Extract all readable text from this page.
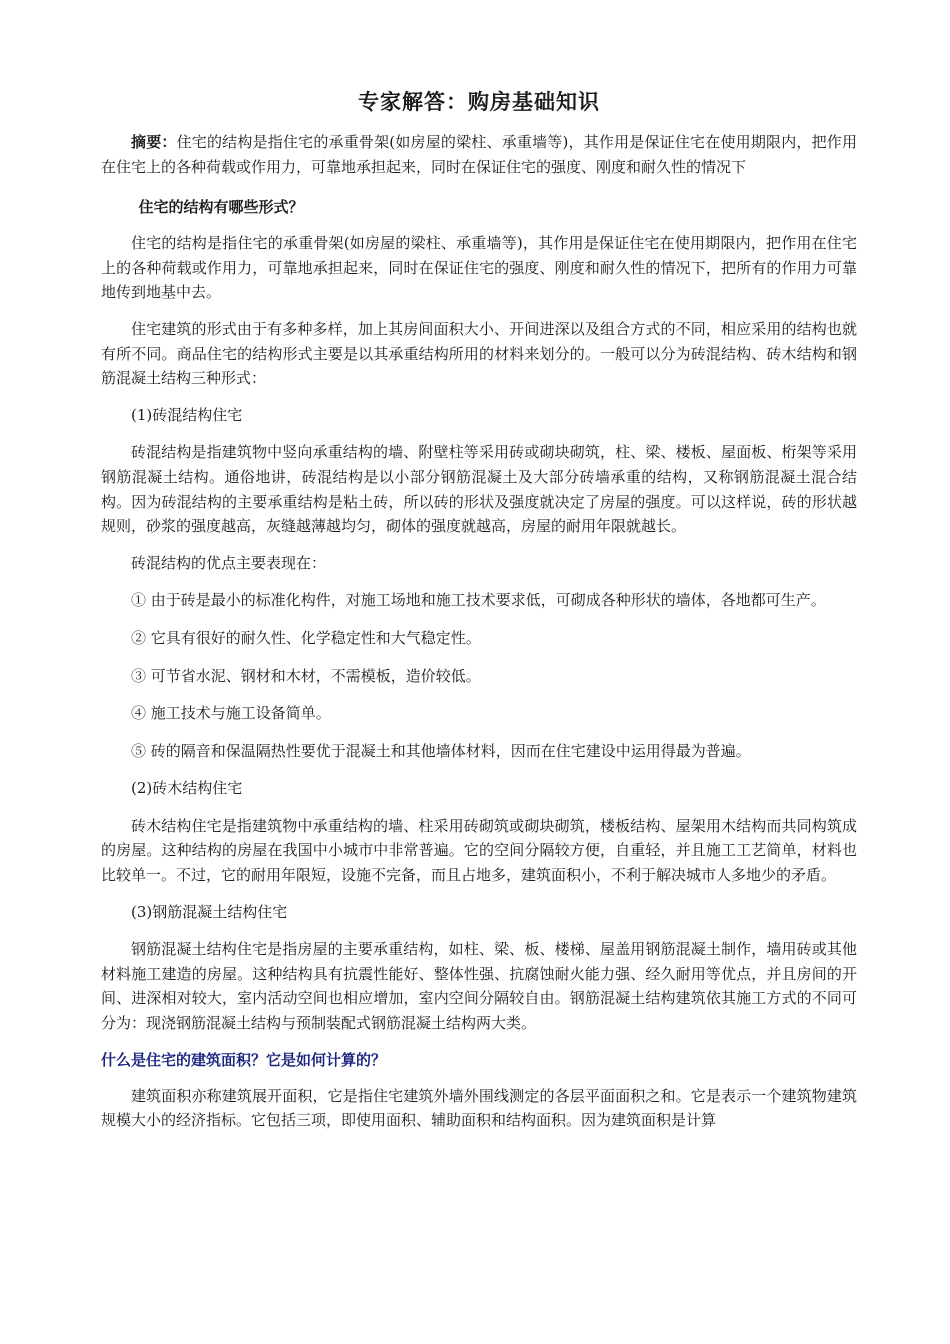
专家解答：购房基础知识

摘要：住宅的结构是指住宅的承重骨架(如房屋的梁柱、承重墙等)，其作用是保证住宅在使用期限内，把作用在住宅上的各种荷载或作用力，可靠地承担起来，同时在保证住宅的强度、刚度和耐久性的情况下

住宅的结构有哪些形式？

住宅的结构是指住宅的承重骨架(如房屋的梁柱、承重墙等)，其作用是保证住宅在使用期限内，把作用在住宅上的各种荷载或作用力，可靠地承担起来，同时在保证住宅的强度、刚度和耐久性的情况下，把所有的作用力可靠地传到地基中去。

住宅建筑的形式由于有多种多样，加上其房间面积大小、开间进深以及组合方式的不同，相应采用的结构也就有所不同。商品住宅的结构形式主要是以其承重结构所用的材料来划分的。一般可以分为砖混结构、砖木结构和钢筋混凝土结构三种形式：

(1)砖混结构住宅

砖混结构是指建筑物中竖向承重结构的墙、附壁柱等采用砖或砌块砌筑，柱、梁、楼板、屋面板、桁架等采用钢筋混凝土结构。通俗地讲，砖混结构是以小部分钢筋混凝土及大部分砖墙承重的结构，又称钢筋混凝土混合结构。因为砖混结构的主要承重结构是粘土砖，所以砖的形状及强度就决定了房屋的强度。可以这样说，砖的形状越规则，砂浆的强度越高，灰缝越薄越均匀，砌体的强度就越高，房屋的耐用年限就越长。

砖混结构的优点主要表现在：

① 由于砖是最小的标准化构件，对施工场地和施工技术要求低，可砌成各种形状的墙体，各地都可生产。

② 它具有很好的耐久性、化学稳定性和大气稳定性。

③ 可节省水泥、钢材和木材，不需模板，造价较低。

④ 施工技术与施工设备简单。

⑤ 砖的隔音和保温隔热性要优于混凝土和其他墙体材料，因而在住宅建设中运用得最为普遍。

(2)砖木结构住宅

砖木结构住宅是指建筑物中承重结构的墙、柱采用砖砌筑或砌块砌筑，楼板结构、屋架用木结构而共同构筑成的房屋。这种结构的房屋在我国中小城市中非常普遍。它的空间分隔较方便，自重轻，并且施工工艺简单，材料也比较单一。不过，它的耐用年限短，设施不完备，而且占地多，建筑面积小，不利于解决城市人多地少的矛盾。

(3)钢筋混凝土结构住宅

钢筋混凝土结构住宅是指房屋的主要承重结构，如柱、梁、板、楼梯、屋盖用钢筋混凝土制作，墙用砖或其他材料施工建造的房屋。这种结构具有抗震性能好、整体性强、抗腐蚀耐火能力强、经久耐用等优点，并且房间的开间、进深相对较大，室内活动空间也相应增加，室内空间分隔较自由。钢筋混凝土结构建筑依其施工方式的不同可分为：现浇钢筋混凝土结构与预制装配式钢筋混凝土结构两大类。

什么是住宅的建筑面积？它是如何计算的？

建筑面积亦称建筑展开面积，它是指住宅建筑外墙外围线测定的各层平面面积之和。它是表示一个建筑物建筑规模大小的经济指标。它包括三项，即使用面积、辅助面积和结构面积。因为建筑面积是计算
